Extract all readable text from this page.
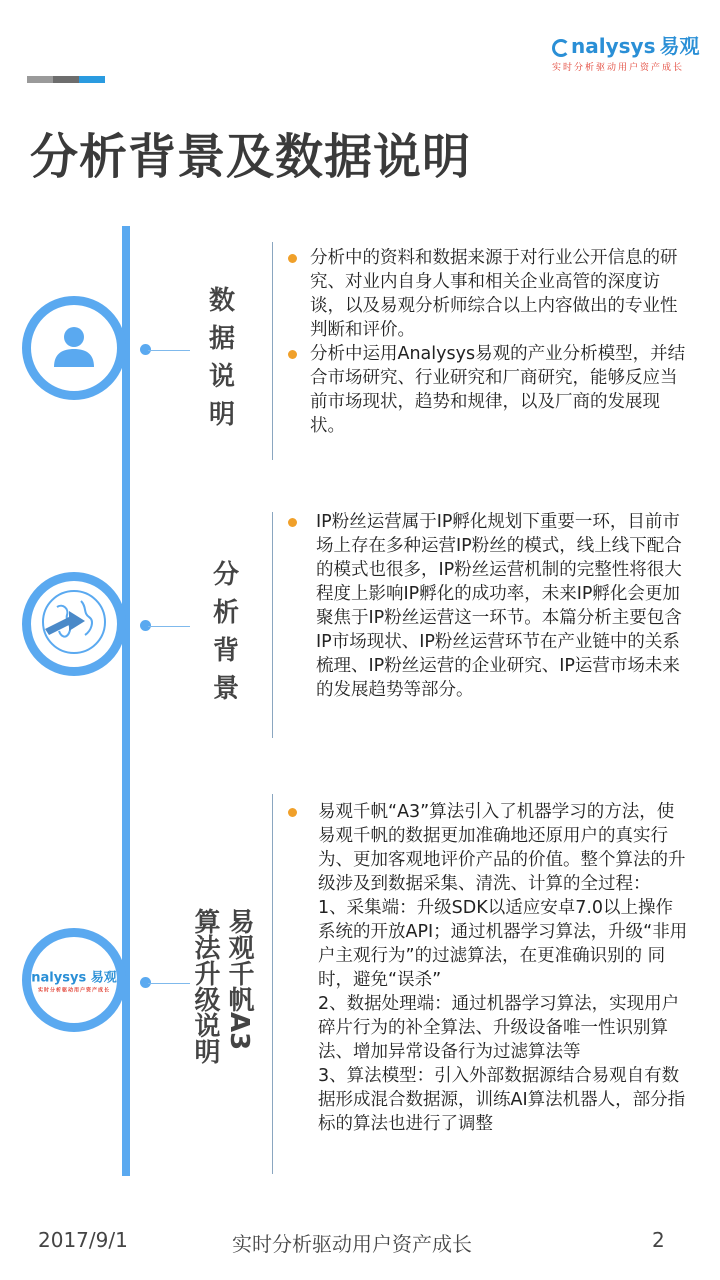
nalysys 易观
实时分析驱动用户资产成长
分析背景及数据说明
数
据
说
明
分析中的资料和数据来源于对行业公开信息的研究、对业内自身人事和相关企业高管的深度访谈，以及易观分析师综合以上内容做出的专业性判断和评价。
分析中运用Analysys易观的产业分析模型，并结合市场研究、行业研究和厂商研究，能够反应当前市场现状，趋势和规律，以及厂商的发展现状。
分
析
背
景
IP粉丝运营属于IP孵化规划下重要一环，目前市场上存在多种运营IP粉丝的模式，线上线下配合的模式也很多，IP粉丝运营机制的完整性将很大程度上影响IP孵化的成功率，未来IP孵化会更加聚焦于IP粉丝运营这一环节。本篇分析主要包含IP市场现状、IP粉丝运营环节在产业链中的关系梳理、IP粉丝运营的企业研究、IP运营市场未来的发展趋势等部分。
nalysys 易观
实时分析驱动用户资产成长	易观千帆A3
算法升级说明
易观千帆“A3”算法引入了机器学习的方法，使易观千帆的数据更加准确地还原用户的真实行为、更加客观地评价产品的价值。整个算法的升级涉及到数据采集、清洗、计算的全过程：
1、采集端：升级SDK以适应安卓7.0以上操作系统的开放API；通过机器学习算法，升级“非用户主观行为”的过滤算法，在更准确识别的 同时，避免“误杀”
2、数据处理端：通过机器学习算法，实现用户碎片行为的补全算法、升级设备唯一性识别算法、增加异常设备行为过滤算法等
3、算法模型：引入外部数据源结合易观自有数据形成混合数据源，训练AI算法机器人，部分指标的算法也进行了调整
2017/9/1	实时分析驱动用户资产成长	2
